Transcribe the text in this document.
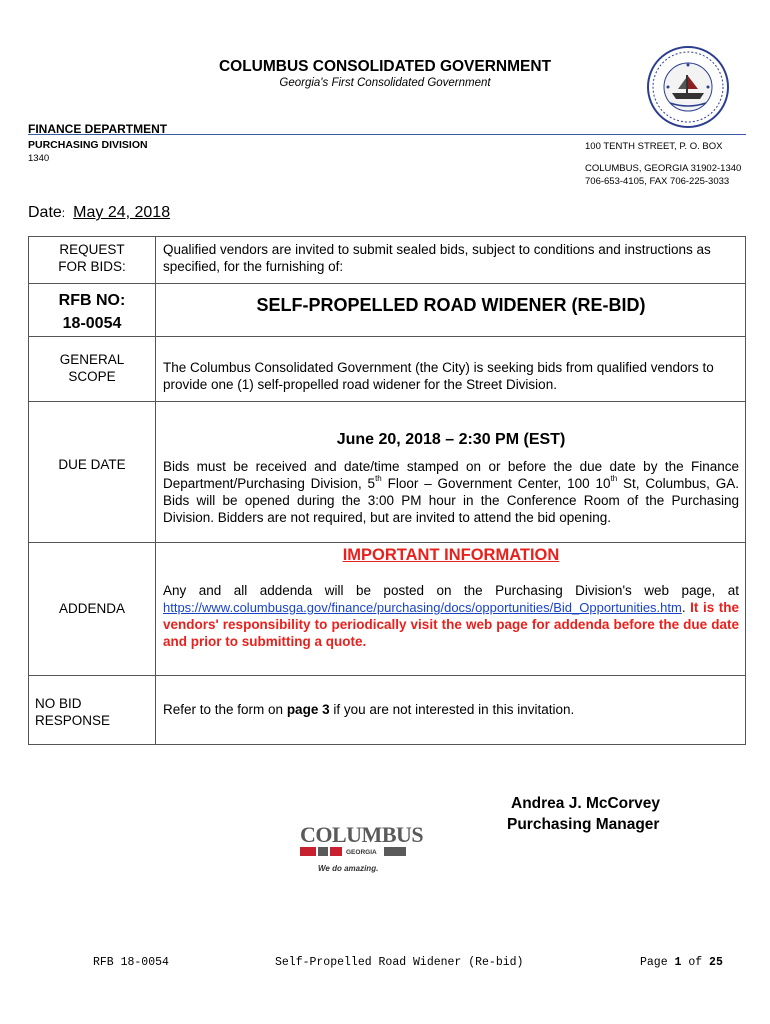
COLUMBUS CONSOLIDATED GOVERNMENT
Georgia's First Consolidated Government
FINANCE DEPARTMENT
PURCHASING DIVISION
1340
100 TENTH STREET, P. O. BOX
COLUMBUS, GEORGIA 31902-1340
706-653-4105, FAX 706-225-3033
Date: May 24, 2018
REQUEST
FOR BIDS:	Qualified vendors are invited to submit sealed bids, subject to conditions and instructions as specified, for the furnishing of:

RFB NO:
18-0054	SELF-PROPELLED ROAD WIDENER (RE-BID)

GENERAL
SCOPE	The Columbus Consolidated Government (the City) is seeking bids from qualified vendors to provide one (1) self-propelled road widener for the Street Division.

DUE DATE	June 20, 2018 – 2:30 PM (EST)
Bids must be received and date/time stamped on or before the due date by the Finance Department/Purchasing Division, 5th Floor – Government Center, 100 10th St, Columbus, GA. Bids will be opened during the 3:00 PM hour in the Conference Room of the Purchasing Division. Bidders are not required, but are invited to attend the bid opening.

ADDENDA	IMPORTANT INFORMATION
Any and all addenda will be posted on the Purchasing Division's web page, at https://www.columbusga.gov/finance/purchasing/docs/opportunities/Bid_Opportunities.htm. It is the vendors' responsibility to periodically visit the web page for addenda before the due date and prior to submitting a quote.

NO BID
RESPONSE	Refer to the form on page 3 if you are not interested in this invitation.
Andrea J. McCorvey
Purchasing Manager
COLUMBUS
GEORGIA
We do amazing.
RFB 18-0054	Self-Propelled Road Widener (Re-bid)	Page 1 of 25
